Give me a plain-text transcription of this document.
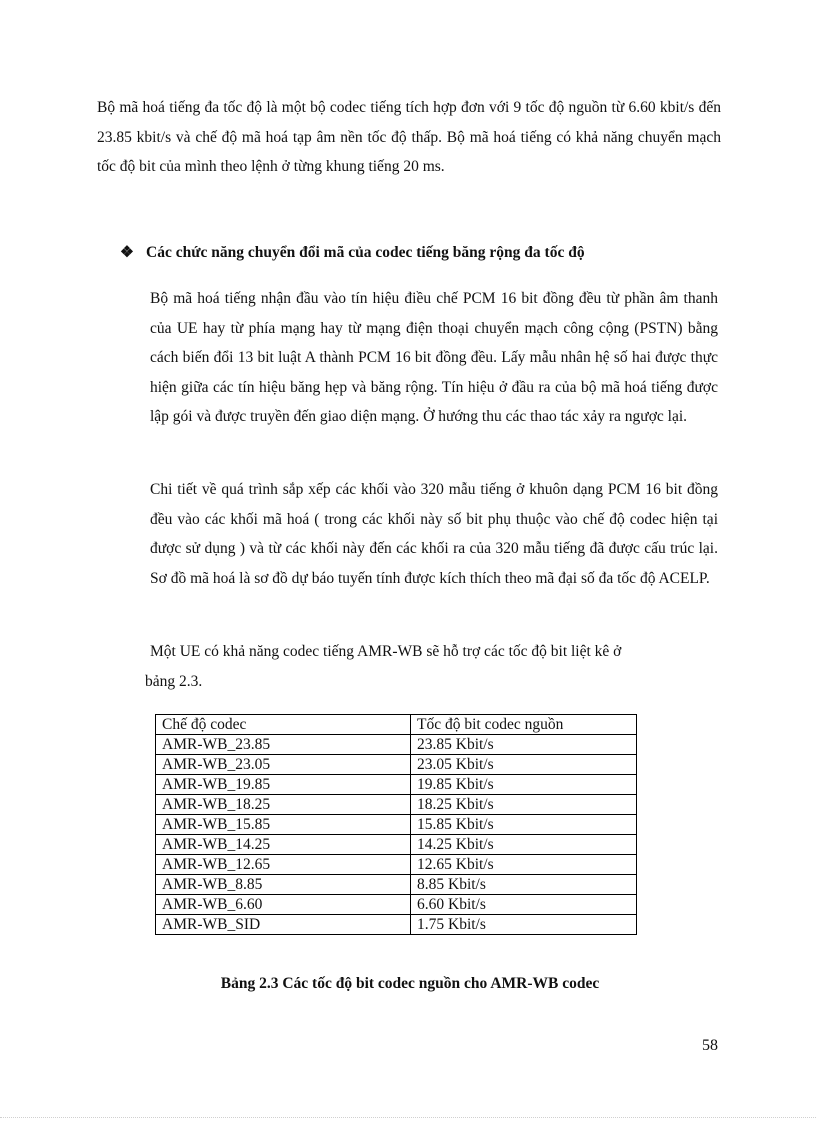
Bộ mã hoá tiếng đa tốc độ là một bộ codec tiếng tích hợp đơn với 9 tốc độ nguồn từ 6.60 kbit/s đến 23.85 kbit/s và chế độ mã hoá tạp âm nền tốc độ thấp. Bộ mã hoá tiếng có khả năng chuyển mạch tốc độ bit của mình theo lệnh ở từng khung tiếng 20 ms.

❖ Các chức năng chuyển đổi mã của codec tiếng băng rộng đa tốc độ

Bộ mã hoá tiếng nhận đầu vào tín hiệu điều chế PCM 16 bit đồng đều từ phần âm thanh của UE hay từ phía mạng hay từ mạng điện thoại chuyển mạch công cộng (PSTN) bằng cách biến đổi 13 bit luật A thành PCM 16 bit đồng đều. Lấy mẫu nhân hệ số hai được thực hiện giữa các tín hiệu băng hẹp và băng rộng. Tín hiệu ở đầu ra của bộ mã hoá tiếng được lập gói và được truyền đến giao diện mạng. Ở hướng thu các thao tác xảy ra ngược lại.

Chi tiết về quá trình sắp xếp các khối vào 320 mẫu tiếng ở khuôn dạng PCM 16 bit đồng đều vào các khối mã hoá ( trong các khối này số bit phụ thuộc vào chế độ codec hiện tại được sử dụng ) và từ các khối này đến các khối ra của 320 mẫu tiếng đã được cấu trúc lại. Sơ đồ mã hoá là sơ đồ dự báo tuyến tính được kích thích theo mã đại số đa tốc độ ACELP.

Một UE có khả năng codec tiếng AMR-WB sẽ hỗ trợ các tốc độ bit liệt kê ở
bảng 2.3.

Chế độ codec	Tốc độ bit codec nguồn
AMR-WB_23.85	23.85 Kbit/s
AMR-WB_23.05	23.05 Kbit/s
AMR-WB_19.85	19.85 Kbit/s
AMR-WB_18.25	18.25 Kbit/s
AMR-WB_15.85	15.85 Kbit/s
AMR-WB_14.25	14.25 Kbit/s
AMR-WB_12.65	12.65 Kbit/s
AMR-WB_8.85	8.85 Kbit/s
AMR-WB_6.60	6.60 Kbit/s
AMR-WB_SID	1.75 Kbit/s

Bảng 2.3 Các tốc độ bit codec nguồn cho AMR-WB codec

58
